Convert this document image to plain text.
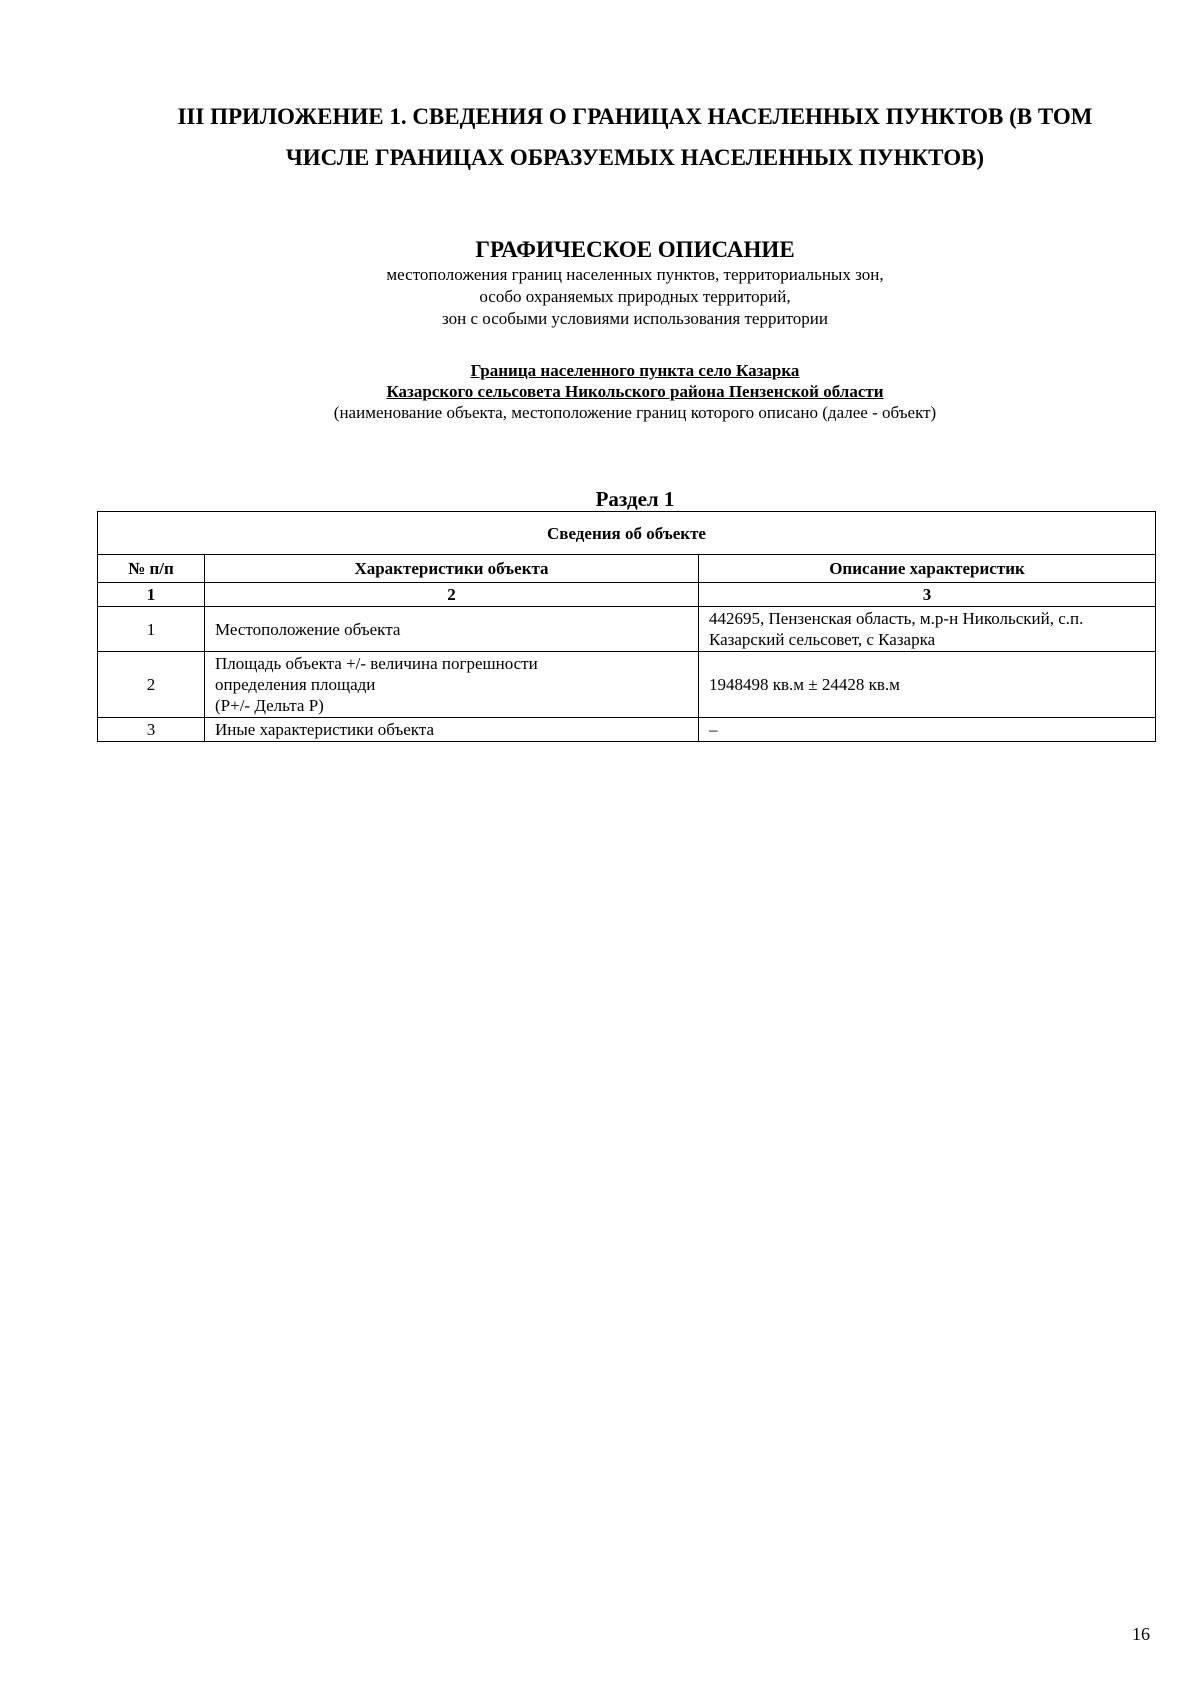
III ПРИЛОЖЕНИЕ 1. СВЕДЕНИЯ О ГРАНИЦАХ НАСЕЛЕННЫХ ПУНКТОВ (В ТОМ
ЧИСЛЕ ГРАНИЦАХ ОБРАЗУЕМЫХ НАСЕЛЕННЫХ ПУНКТОВ)

ГРАФИЧЕСКОЕ ОПИСАНИЕ

местоположения границ населенных пунктов, территориальных зон,
особо охраняемых природных территорий,
зон с особыми условиями использования территории

Граница населенного пункта село Казарка
Казарского сельсовета Никольского района Пензенской области

(наименование объекта, местоположение границ которого описано (далее - объект)

Раздел 1

Сведения об объекте		
№ п/п	Характеристики объекта	Описание характеристик
1	2	3
1	Местоположение объекта	442695, Пензенская область, м.р-н Никольский, с.п.
Казарский сельсовет, с Казарка

2	Площадь объекта +/- величина погрешности
определения площади
(P+/- Дельта P)	1948498 кв.м ± 24428 кв.м

3	Иные характеристики объекта	–
16
